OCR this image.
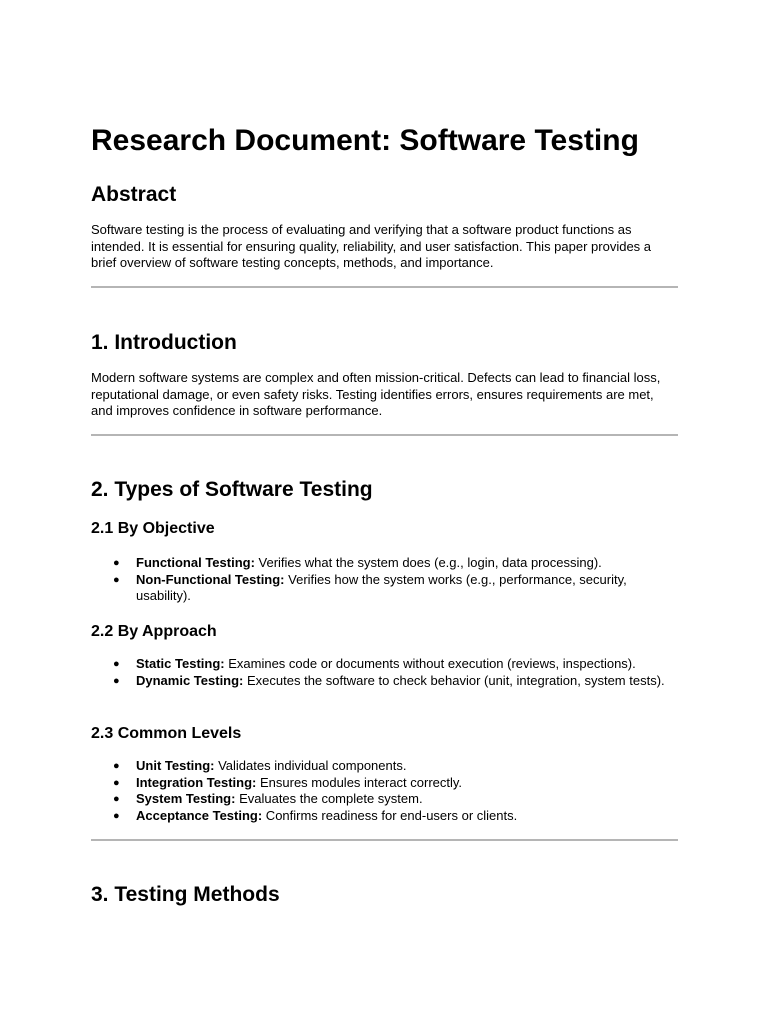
Research Document: Software Testing
Abstract

Software testing is the process of evaluating and verifying that a software product functions as intended. It is essential for ensuring quality, reliability, and user satisfaction. This paper provides a brief overview of software testing concepts, methods, and importance.

1. Introduction

Modern software systems are complex and often mission-critical. Defects can lead to financial loss, reputational damage, or even safety risks. Testing identifies errors, ensures requirements are met, and improves confidence in software performance.

2. Types of Software Testing
2.1 By Objective
● Functional Testing: Verifies what the system does (e.g., login, data processing).
● Non-Functional Testing: Verifies how the system works (e.g., performance, security, usability).
2.2 By Approach
● Static Testing: Examines code or documents without execution (reviews, inspections).
● Dynamic Testing: Executes the software to check behavior (unit, integration, system tests).
2.3 Common Levels
● Unit Testing: Validates individual components.
● Integration Testing: Ensures modules interact correctly.
● System Testing: Evaluates the complete system.
● Acceptance Testing: Confirms readiness for end-users or clients.
3. Testing Methods
